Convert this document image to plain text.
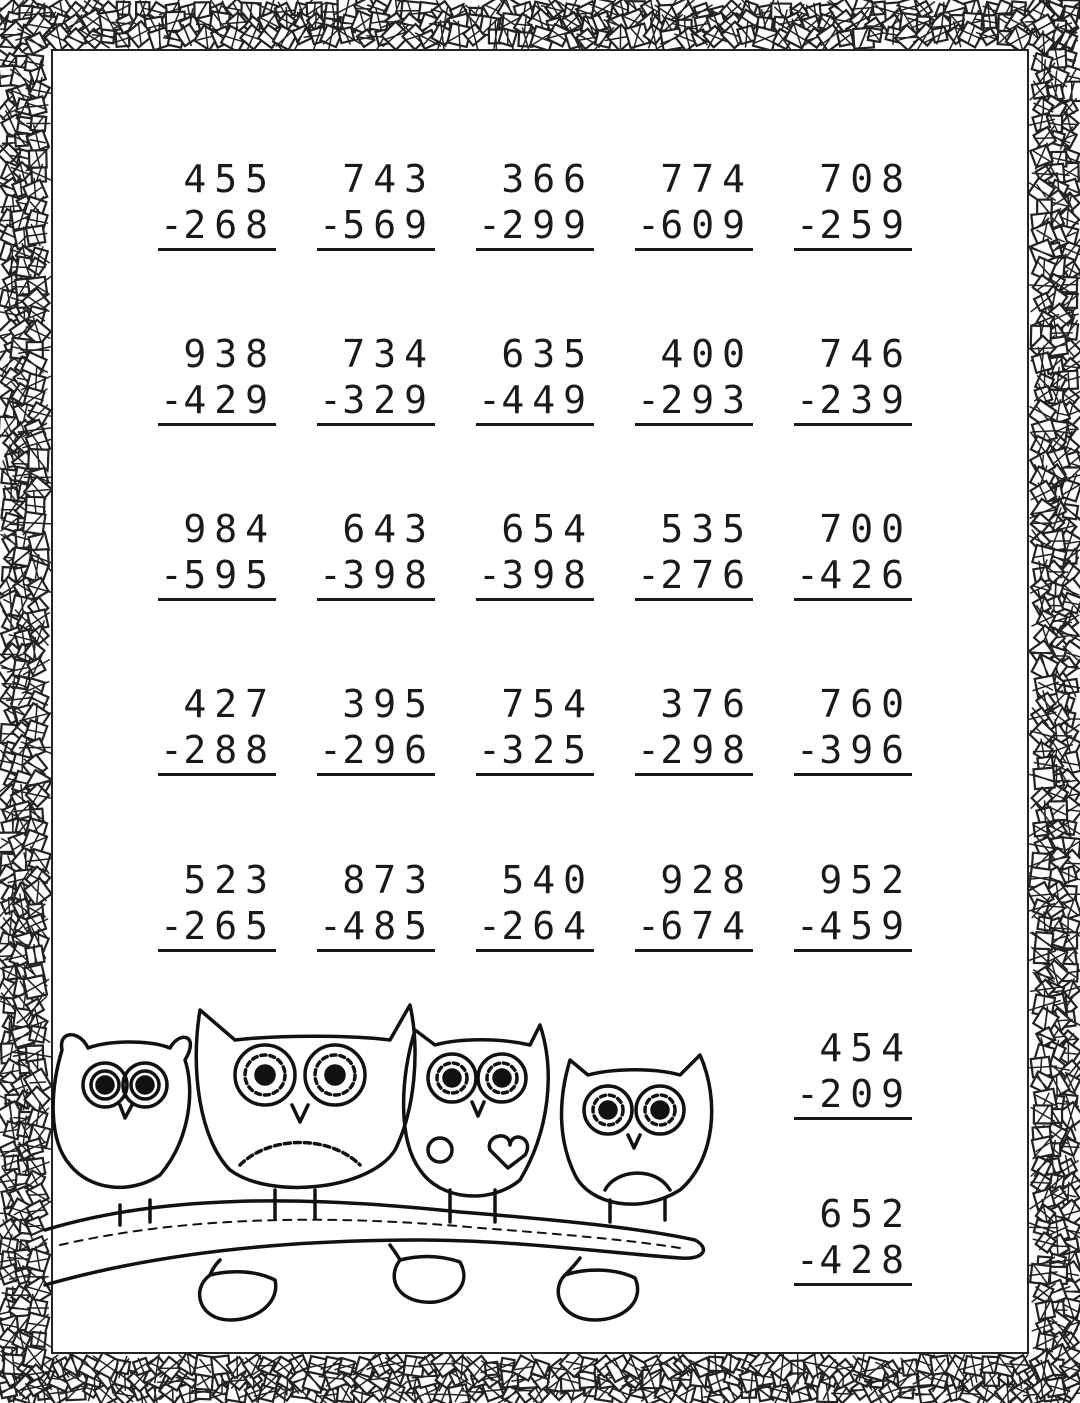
455
- 268
743
- 569
366
- 299
774
- 609
708
- 259
938
- 429
734
- 329
635
- 449
400
- 293
746
- 239
984
- 595
643
- 398
654
- 398
535
- 276
700
- 426
427
- 288
395
- 296
754
- 325
376
- 298
760
- 396
523
- 265
873
- 485
540
- 264
928
- 674
952
- 459
454
- 209
652
- 428
